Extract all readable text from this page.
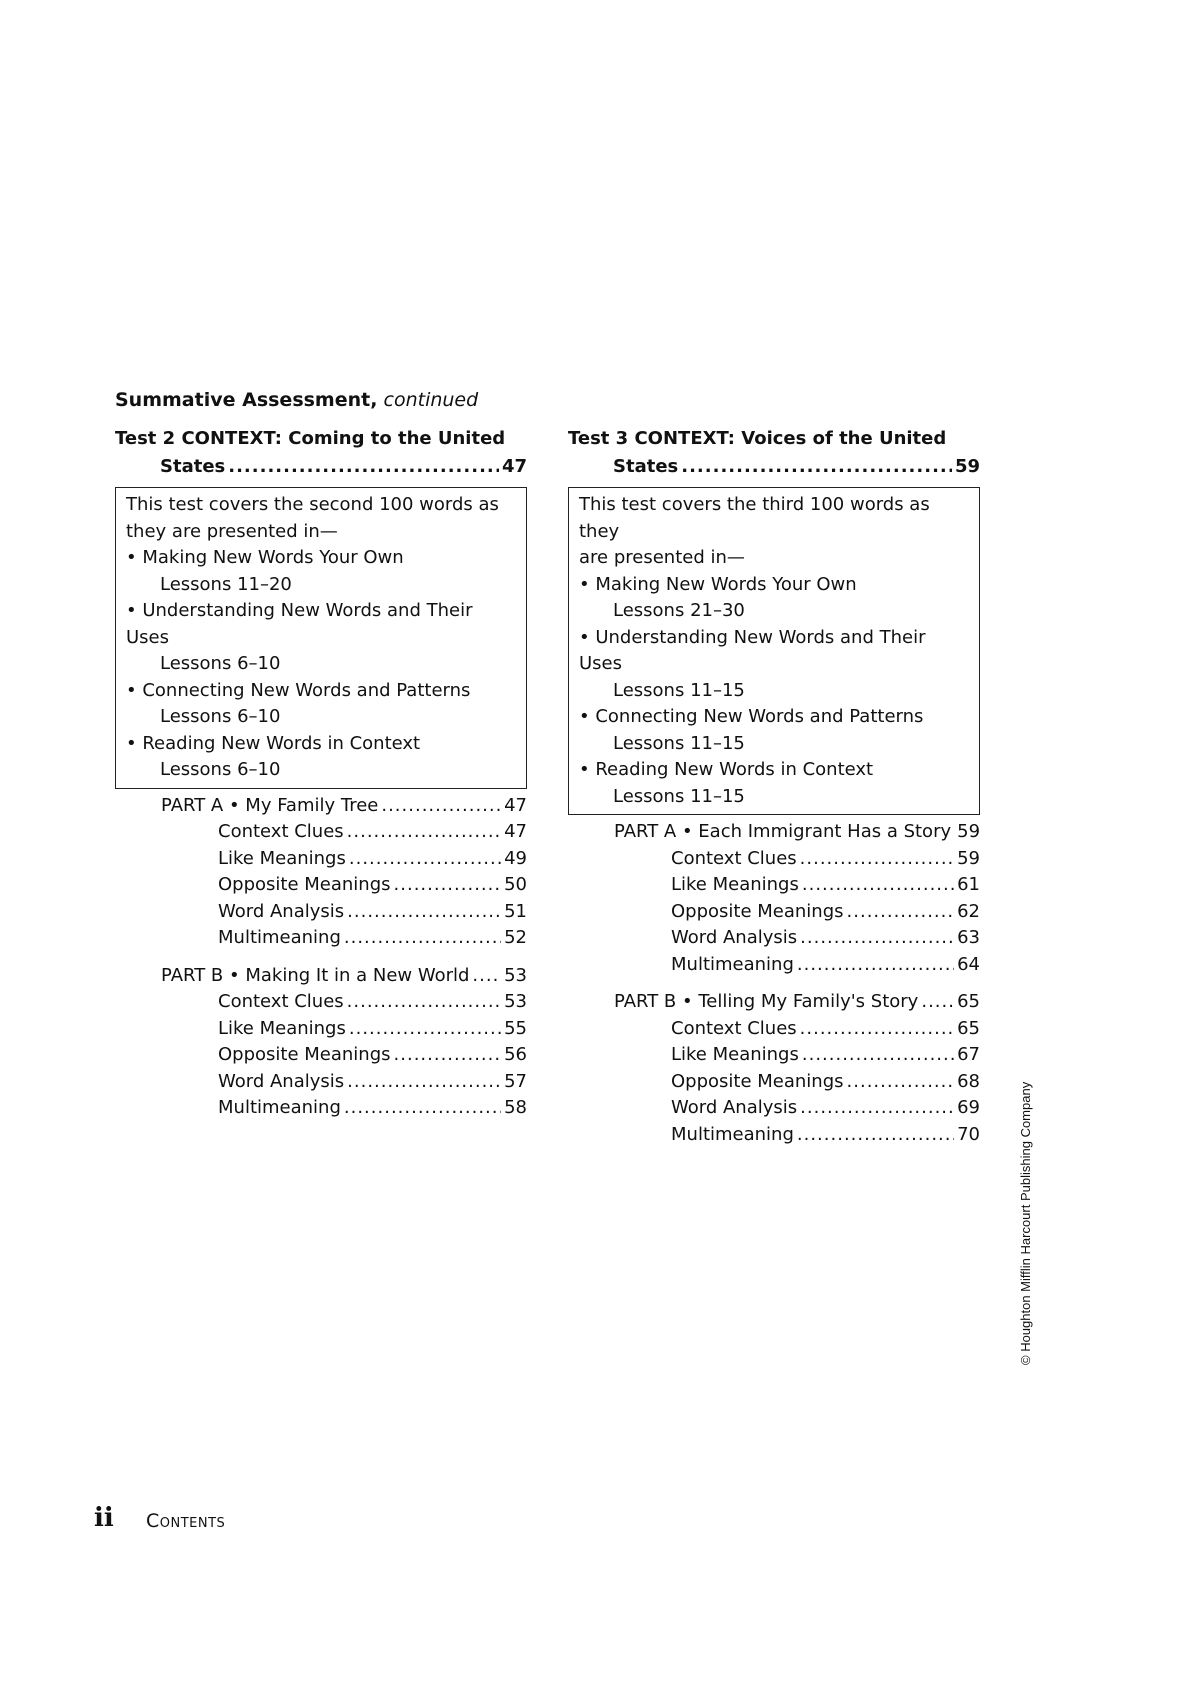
Summative Assessment, continued
Test 2 CONTEXT: Coming to the United
States .....	47
This test covers the second 100 words as
they are presented in—
• Making New Words Your Own
Lessons 11–20
• Understanding New Words and Their Uses
Lessons 6–10
• Connecting New Words and Patterns
Lessons 6–10
• Reading New Words in Context
Lessons 6–10
PART A • My Family Tree .....	47
Context Clues .....	47
Like Meanings .....	49
Opposite Meanings .....	50
Word Analysis .....	51
Multimeaning .....	52
PART B • Making It in a New World ..... 53
Context Clues .....	53
Like Meanings .....	55
Opposite Meanings .....	56
Word Analysis .....	57
Multimeaning .....	58
Test 3 CONTEXT: Voices of the United
States .....	59
This test covers the third 100 words as they
are presented in—
• Making New Words Your Own
Lessons 21–30
• Understanding New Words and Their Uses
Lessons 11–15
• Connecting New Words and Patterns
Lessons 11–15
• Reading New Words in Context
Lessons 11–15
PART A • Each Immigrant Has a Story 59
Context Clues .....	59
Like Meanings .....	61
Opposite Meanings .....	62
Word Analysis .....	63
Multimeaning .....	64
PART B • Telling My Family's Story ..... 65
Context Clues .....	65
Like Meanings .....	67
Opposite Meanings .....	68
Word Analysis .....	69
Multimeaning .....	70
ii Contents
© Houghton Mifflin Harcourt Publishing Company
